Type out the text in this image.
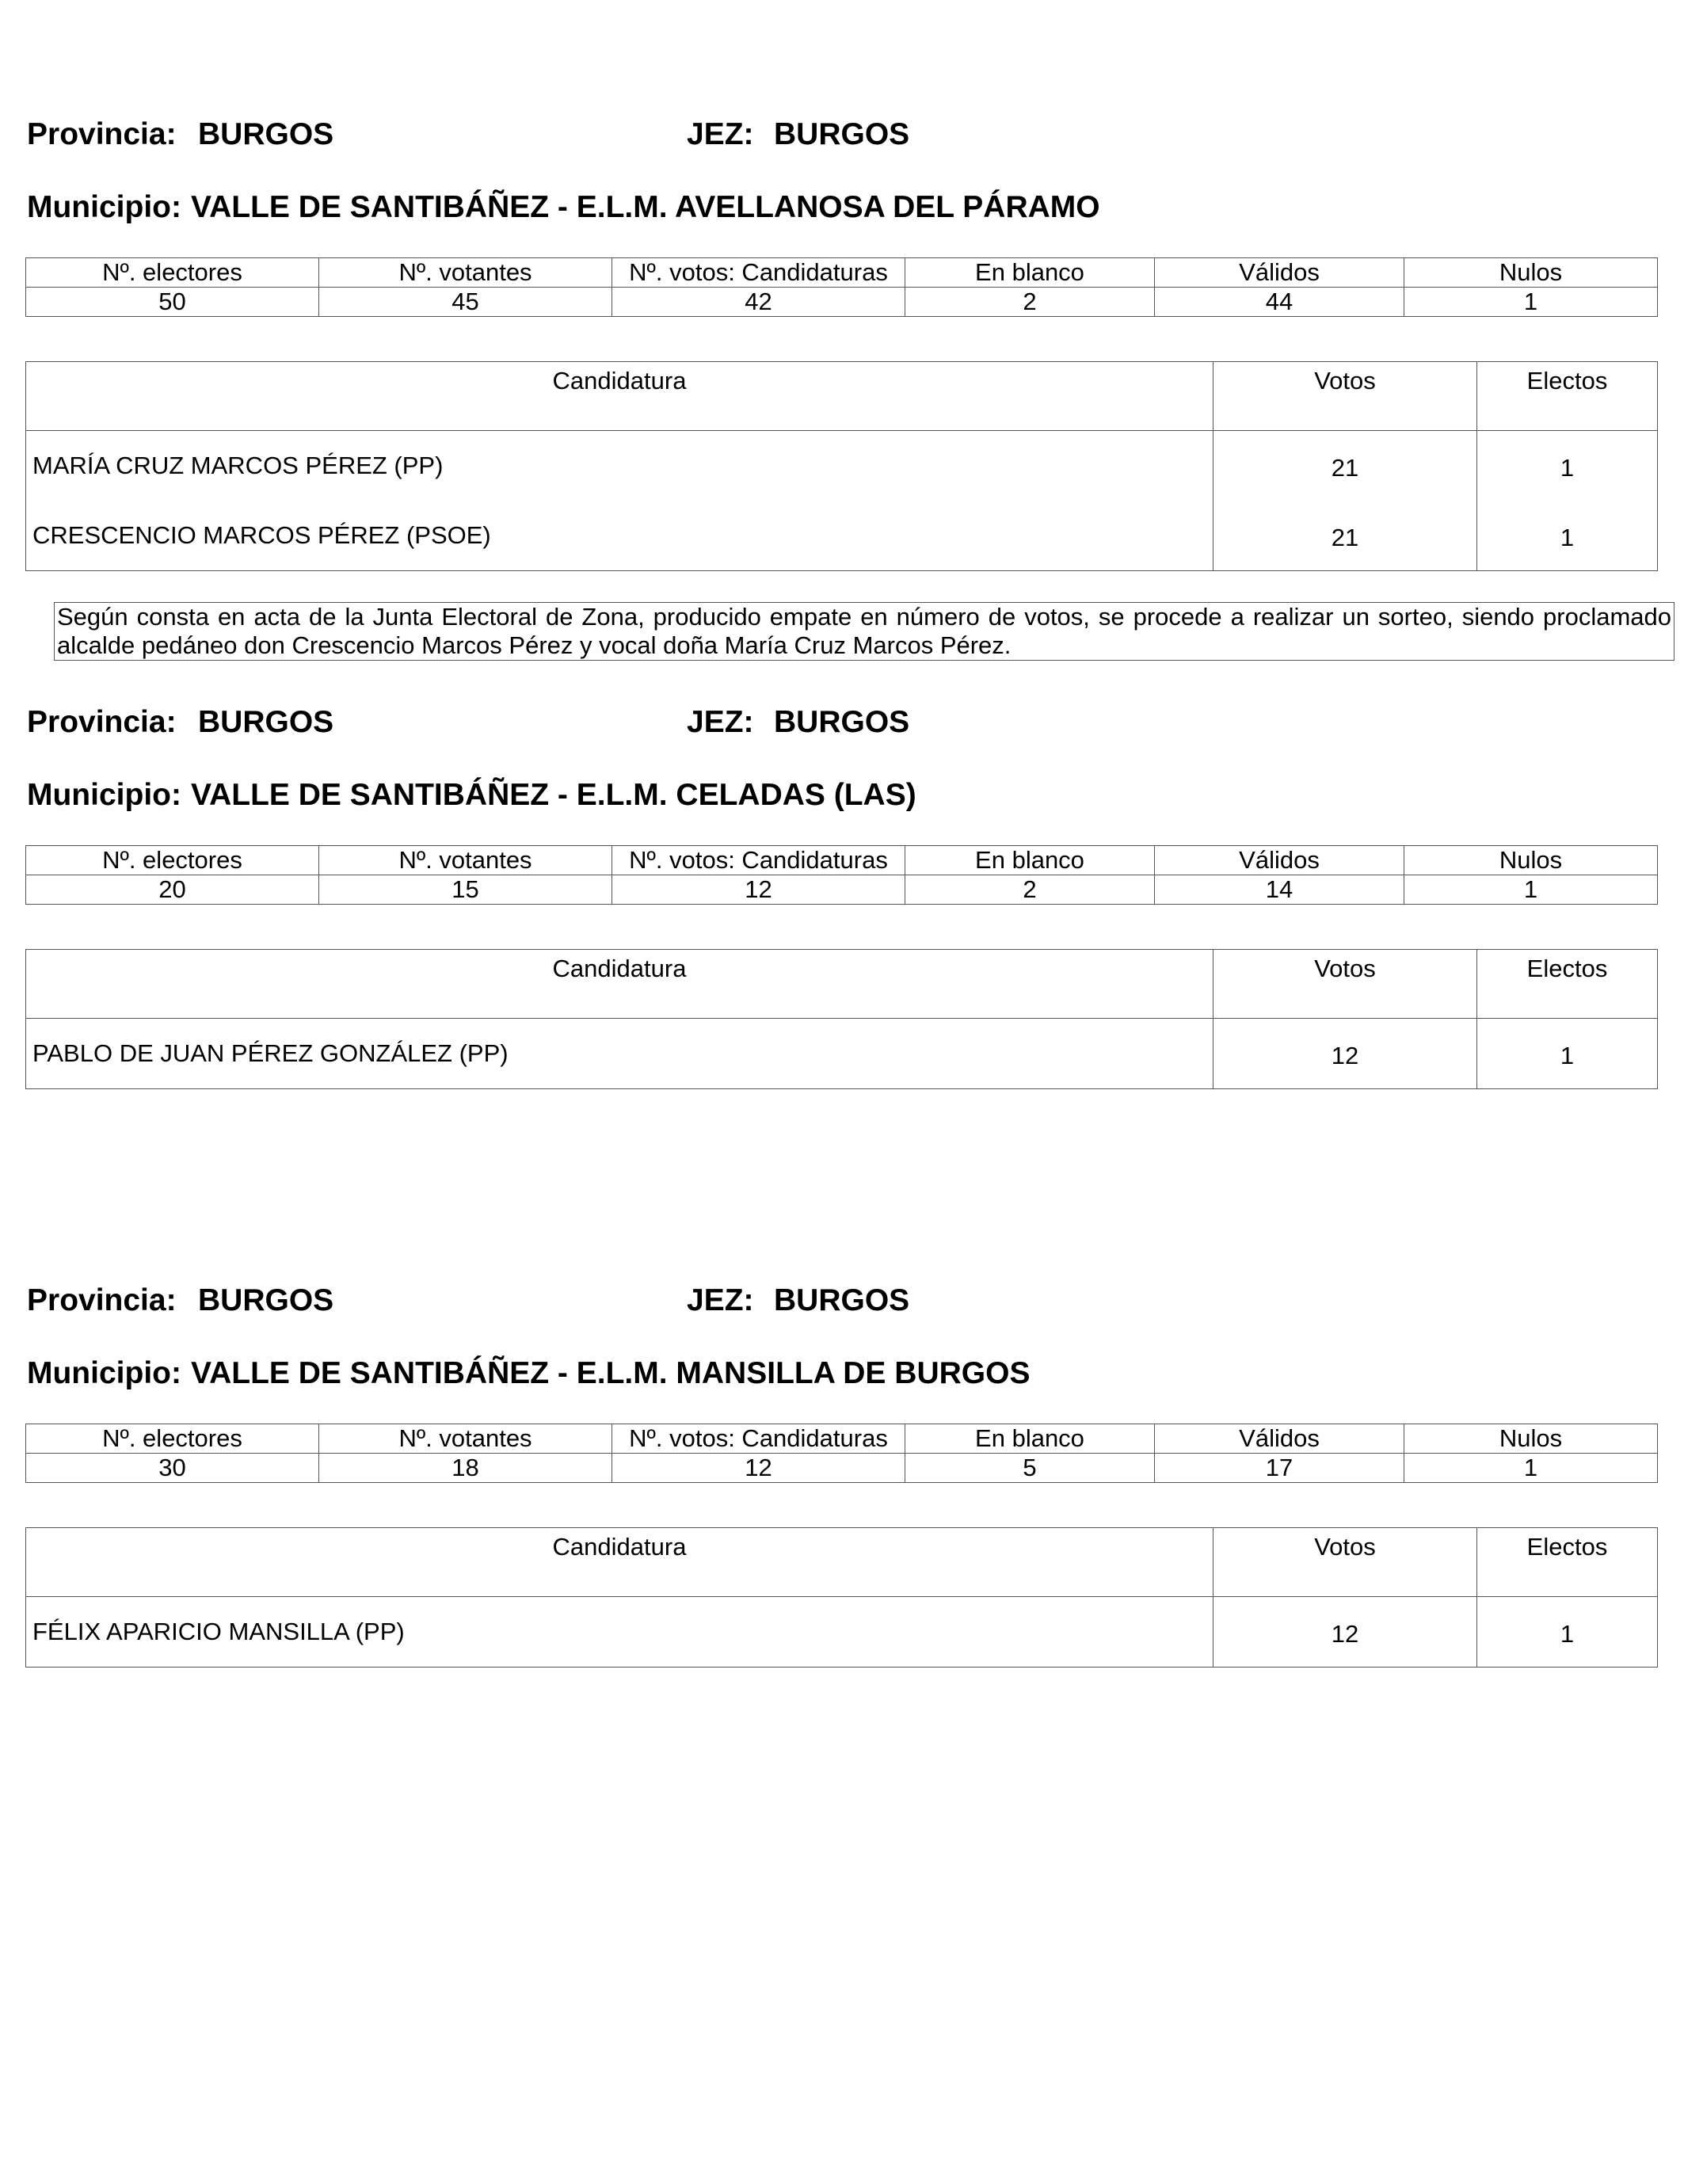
Provincia: BURGOS	JEZ: BURGOS
Municipio: VALLE DE SANTIBÁÑEZ - E.L.M. AVELLANOSA DEL PÁRAMO
Nº. electores	Nº. votantes	Nº. votos: Candidaturas	En blanco	Válidos	Nulos
50	45	42	2	44	1
Candidatura	Votos	Electos
MARÍA CRUZ MARCOS PÉREZ (PP)	21	1
CRESCENCIO MARCOS PÉREZ (PSOE)	21	1
Según consta en acta de la Junta Electoral de Zona, producido empate en número de votos, se procede a realizar un sorteo, siendo proclamado alcalde pedáneo don Crescencio Marcos Pérez y vocal doña María Cruz Marcos Pérez.
Provincia: BURGOS	JEZ: BURGOS
Municipio: VALLE DE SANTIBÁÑEZ - E.L.M. CELADAS (LAS)
Nº. electores	Nº. votantes	Nº. votos: Candidaturas	En blanco	Válidos	Nulos
20	15	12	2	14	1
Candidatura	Votos	Electos
PABLO DE JUAN PÉREZ GONZÁLEZ (PP)	12	1
Provincia: BURGOS	JEZ: BURGOS
Municipio: VALLE DE SANTIBÁÑEZ - E.L.M. MANSILLA DE BURGOS
Nº. electores	Nº. votantes	Nº. votos: Candidaturas	En blanco	Válidos	Nulos
30	18	12	5	17	1
Candidatura	Votos	Electos
FÉLIX APARICIO MANSILLA (PP)	12	1
